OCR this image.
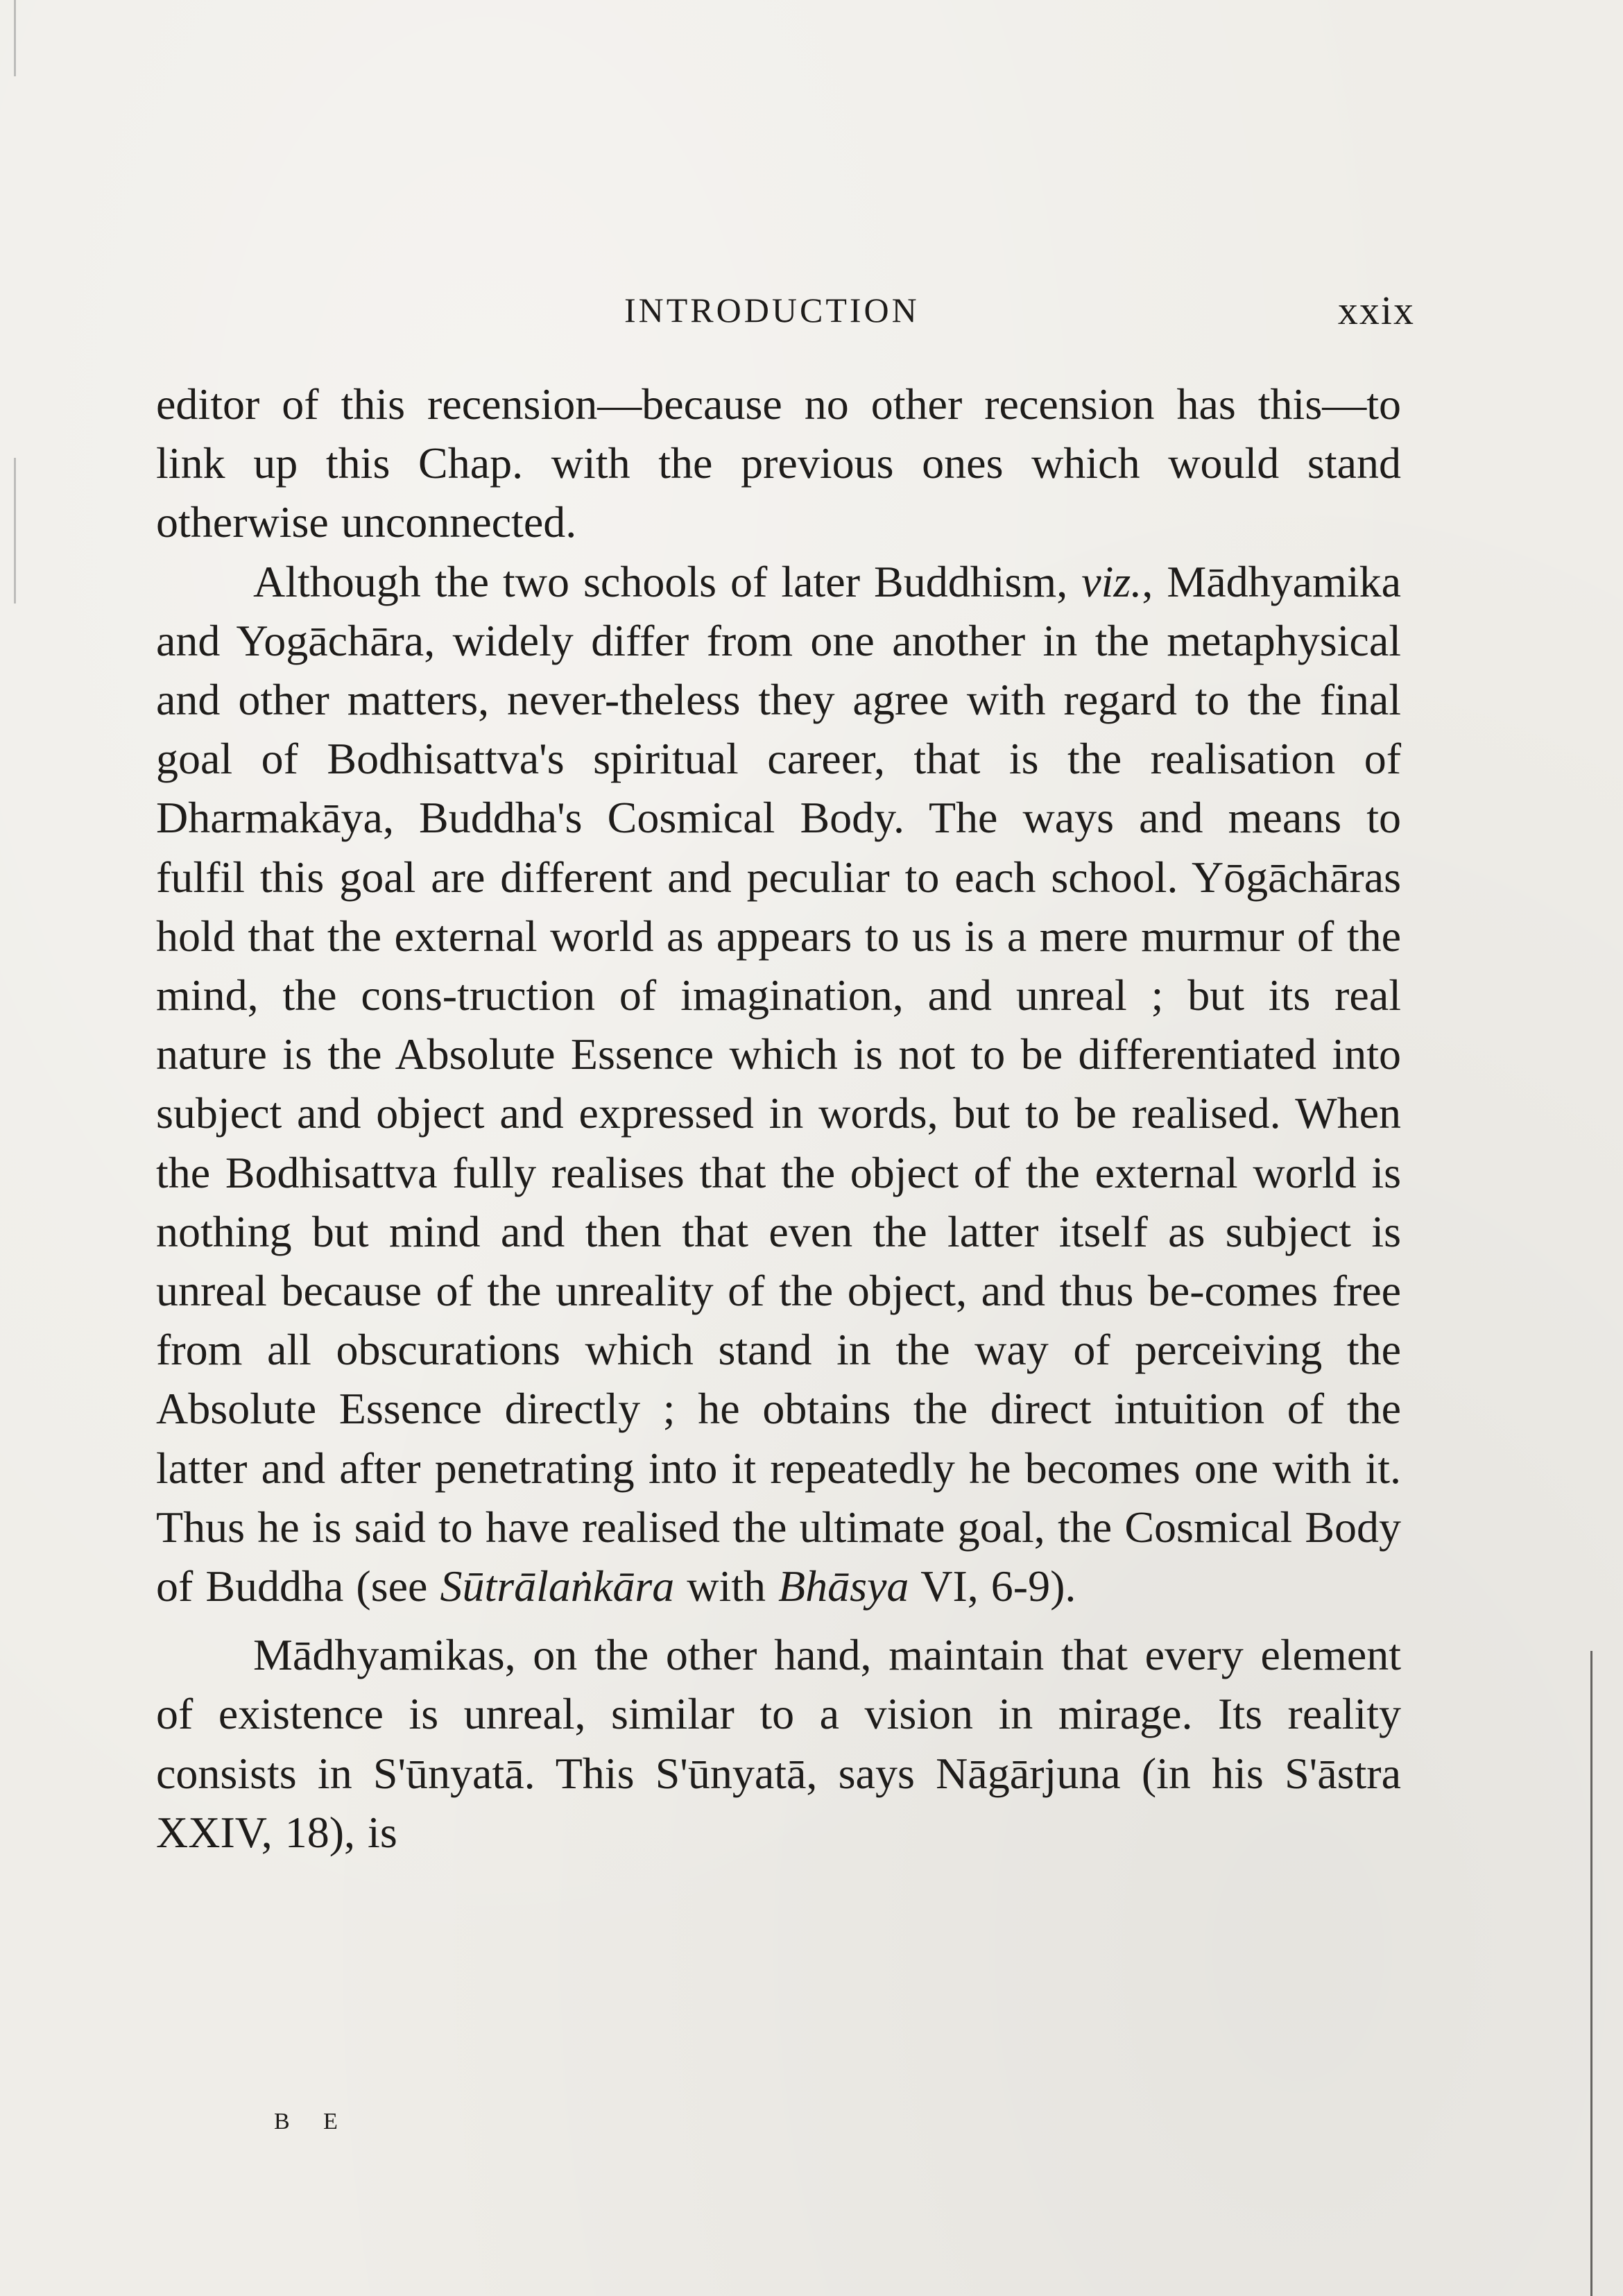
INTRODUCTION	xxix

editor of this recension—because no other recension has this—to link up this Chap. with the previous ones which would stand otherwise unconnected.

Although the two schools of later Buddhism, viz., Mādhyamika and Yogāchāra, widely differ from one another in the metaphysical and other matters, never-theless they agree with regard to the final goal of Bodhisattva's spiritual career, that is the realisation of Dharmakāya, Buddha's Cosmical Body. The ways and means to fulfil this goal are different and peculiar to each school. Yōgāchāras hold that the external world as appears to us is a mere murmur of the mind, the cons-truction of imagination, and unreal ; but its real nature is the Absolute Essence which is not to be differentiated into subject and object and expressed in words, but to be realised. When the Bodhisattva fully realises that the object of the external world is nothing but mind and then that even the latter itself as subject is unreal because of the unreality of the object, and thus be-comes free from all obscurations which stand in the way of perceiving the Absolute Essence directly ; he obtains the direct intuition of the latter and after penetrating into it repeatedly he becomes one with it. Thus he is said to have realised the ultimate goal, the Cosmical Body of Buddha (see Sūtrālaṅkāra with Bhāsya VI, 6-9).

Mādhyamikas, on the other hand, maintain that every element of existence is unreal, similar to a vision in mirage. Its reality consists in S'ūnyatā. This S'ūnyatā, says Nāgārjuna (in his S'āstra XXIV, 18), is

B E
